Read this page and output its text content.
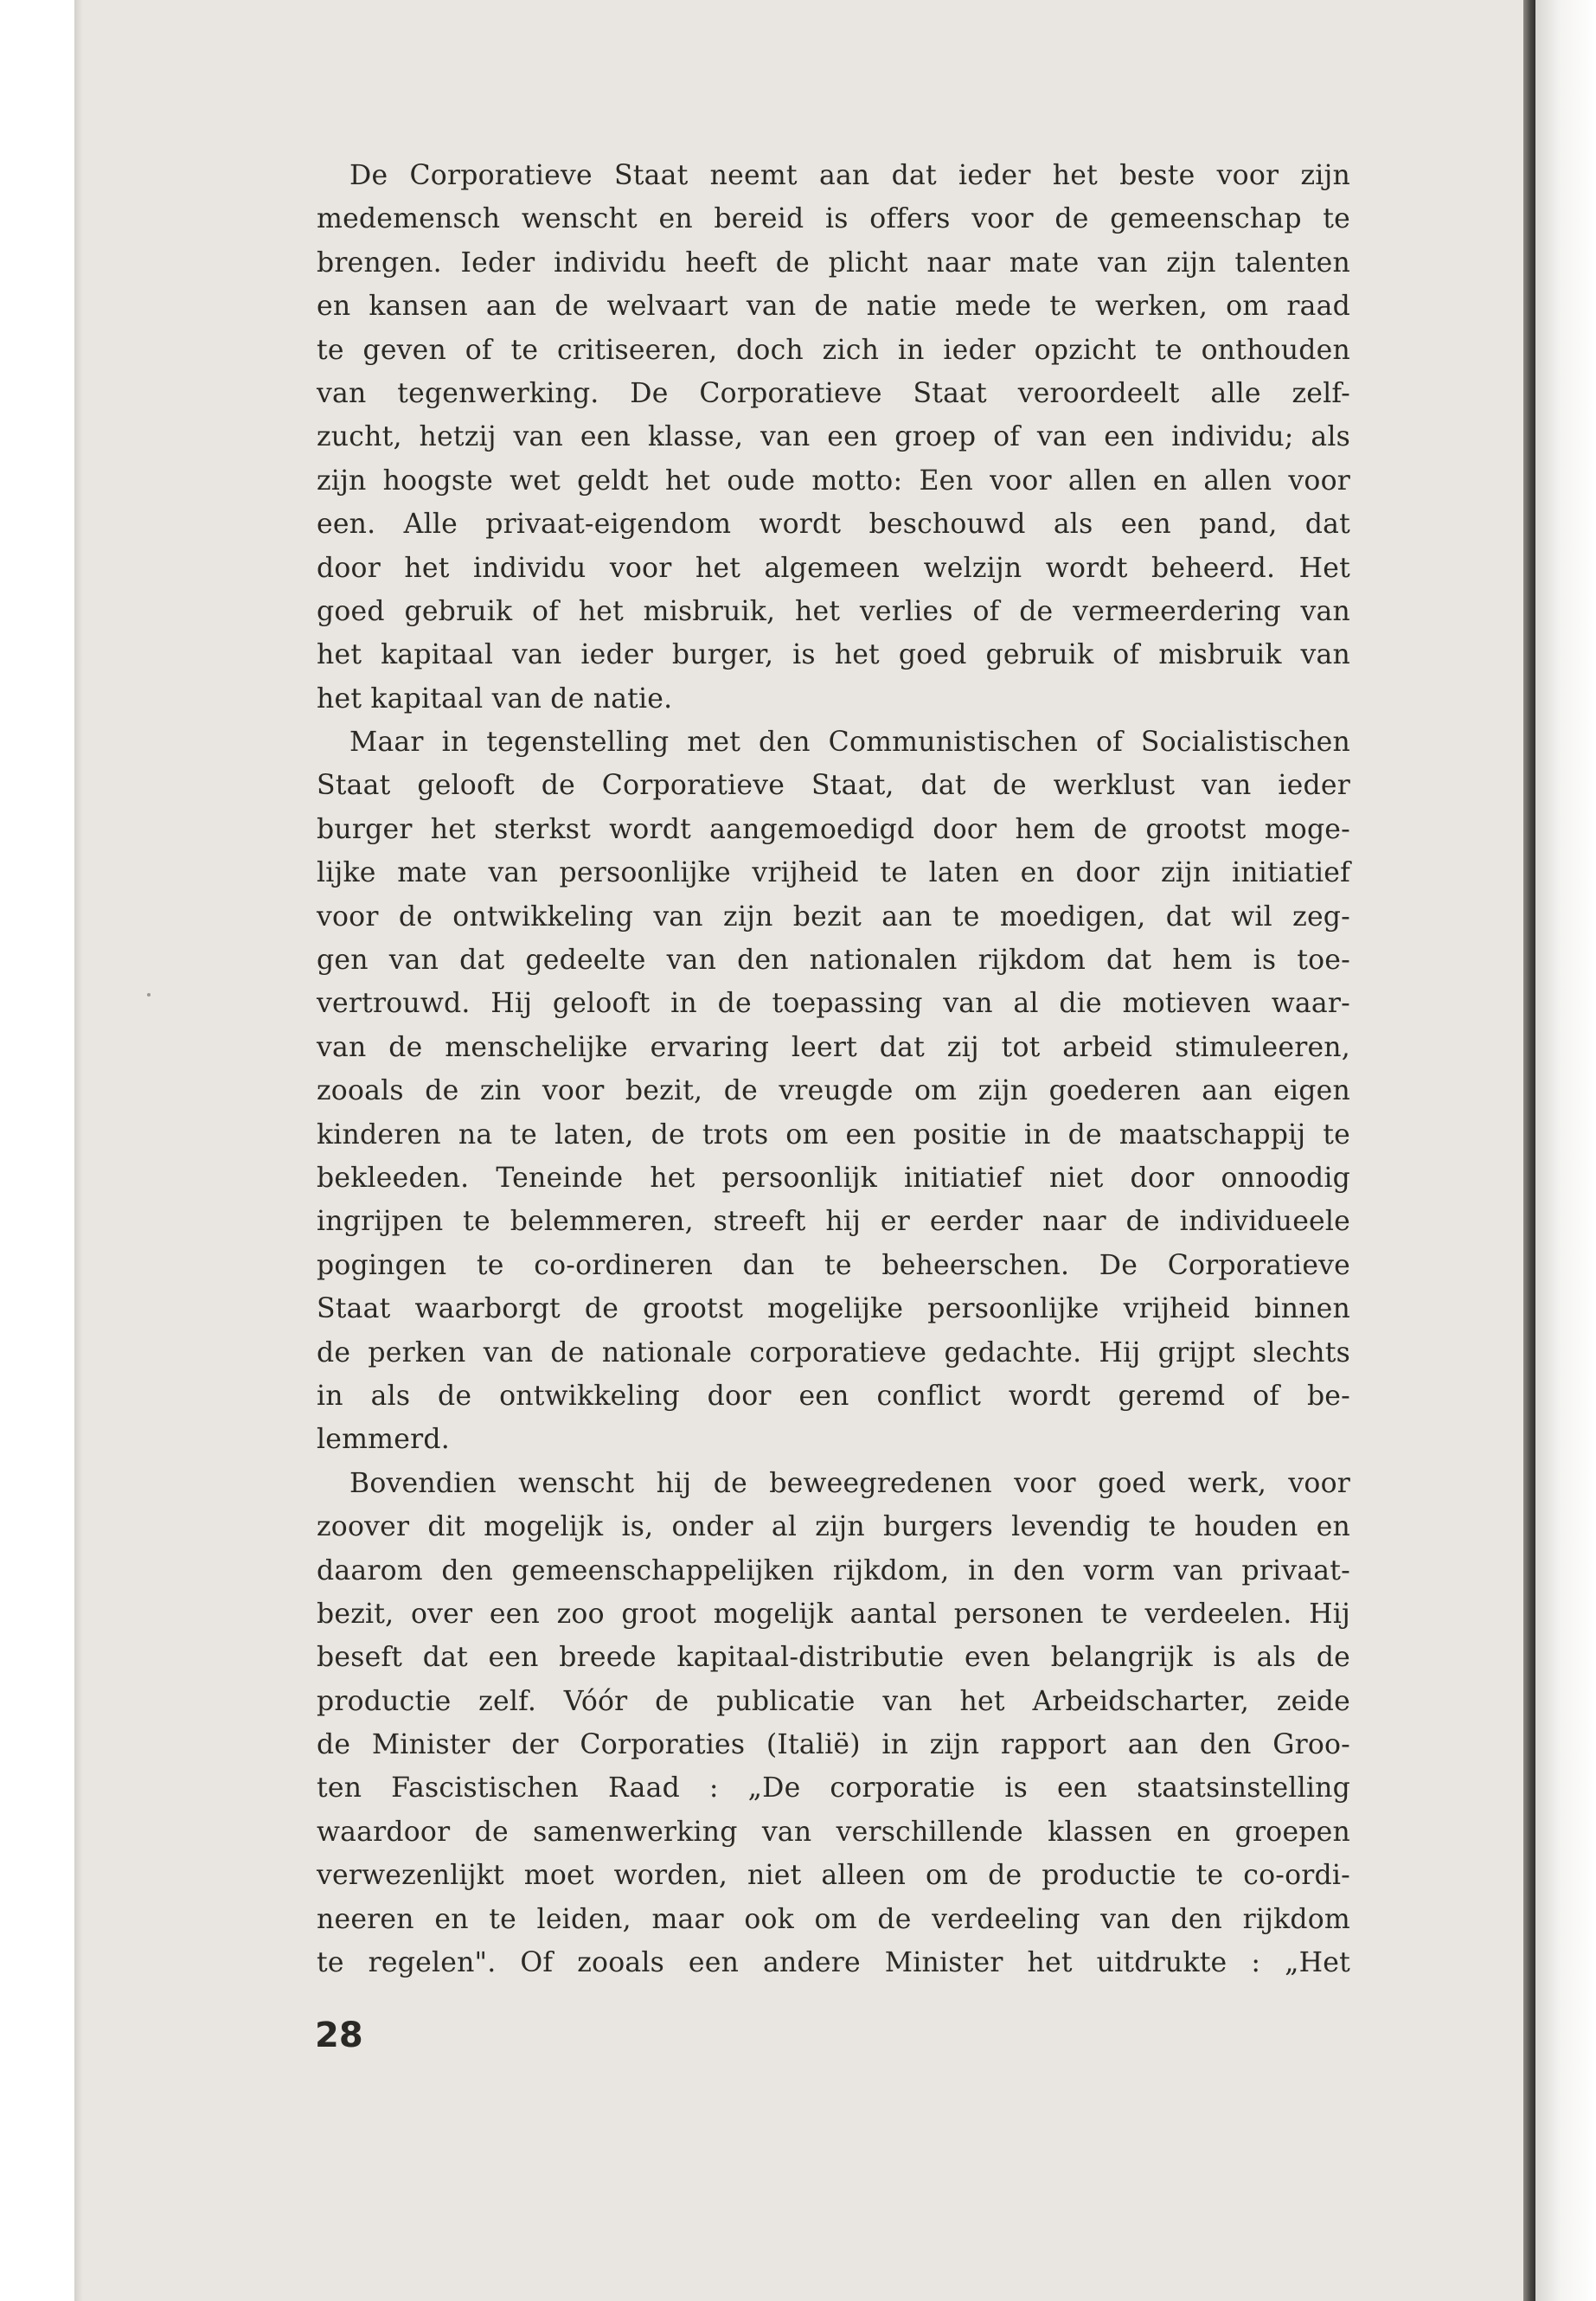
De Corporatieve Staat neemt aan dat ieder het beste voor zijn
medemensch wenscht en bereid is offers voor de gemeenschap te
brengen. Ieder individu heeft de plicht naar mate van zijn talenten
en kansen aan de welvaart van de natie mede te werken, om raad
te geven of te critiseeren, doch zich in ieder opzicht te onthouden
van tegenwerking. De Corporatieve Staat veroordeelt alle zelf-
zucht, hetzij van een klasse, van een groep of van een individu; als
zijn hoogste wet geldt het oude motto: Een voor allen en allen voor
een. Alle privaat-eigendom wordt beschouwd als een pand, dat
door het individu voor het algemeen welzijn wordt beheerd. Het
goed gebruik of het misbruik, het verlies of de vermeerdering van
het kapitaal van ieder burger, is het goed gebruik of misbruik van
het kapitaal van de natie.
Maar in tegenstelling met den Communistischen of Socialistischen
Staat gelooft de Corporatieve Staat, dat de werklust van ieder
burger het sterkst wordt aangemoedigd door hem de grootst moge-
lijke mate van persoonlijke vrijheid te laten en door zijn initiatief
voor de ontwikkeling van zijn bezit aan te moedigen, dat wil zeg-
gen van dat gedeelte van den nationalen rijkdom dat hem is toe-
vertrouwd. Hij gelooft in de toepassing van al die motieven waar-
van de menschelijke ervaring leert dat zij tot arbeid stimuleeren,
zooals de zin voor bezit, de vreugde om zijn goederen aan eigen
kinderen na te laten, de trots om een positie in de maatschappij te
bekleeden. Teneinde het persoonlijk initiatief niet door onnoodig
ingrijpen te belemmeren, streeft hij er eerder naar de individueele
pogingen te co-ordineren dan te beheerschen. De Corporatieve
Staat waarborgt de grootst mogelijke persoonlijke vrijheid binnen
de perken van de nationale corporatieve gedachte. Hij grijpt slechts
in als de ontwikkeling door een conflict wordt geremd of be-
lemmerd.
Bovendien wenscht hij de beweegredenen voor goed werk, voor
zoover dit mogelijk is, onder al zijn burgers levendig te houden en
daarom den gemeenschappelijken rijkdom, in den vorm van privaat-
bezit, over een zoo groot mogelijk aantal personen te verdeelen. Hij
beseft dat een breede kapitaal-distributie even belangrijk is als de
productie zelf. Vóór de publicatie van het Arbeidscharter, zeide
de Minister der Corporaties (Italië) in zijn rapport aan den Groo-
ten Fascistischen Raad : „De corporatie is een staatsinstelling
waardoor de samenwerking van verschillende klassen en groepen
verwezenlijkt moet worden, niet alleen om de productie te co-ordi-
neeren en te leiden, maar ook om de verdeeling van den rijkdom
te regelen". Of zooals een andere Minister het uitdrukte : „Het
28
